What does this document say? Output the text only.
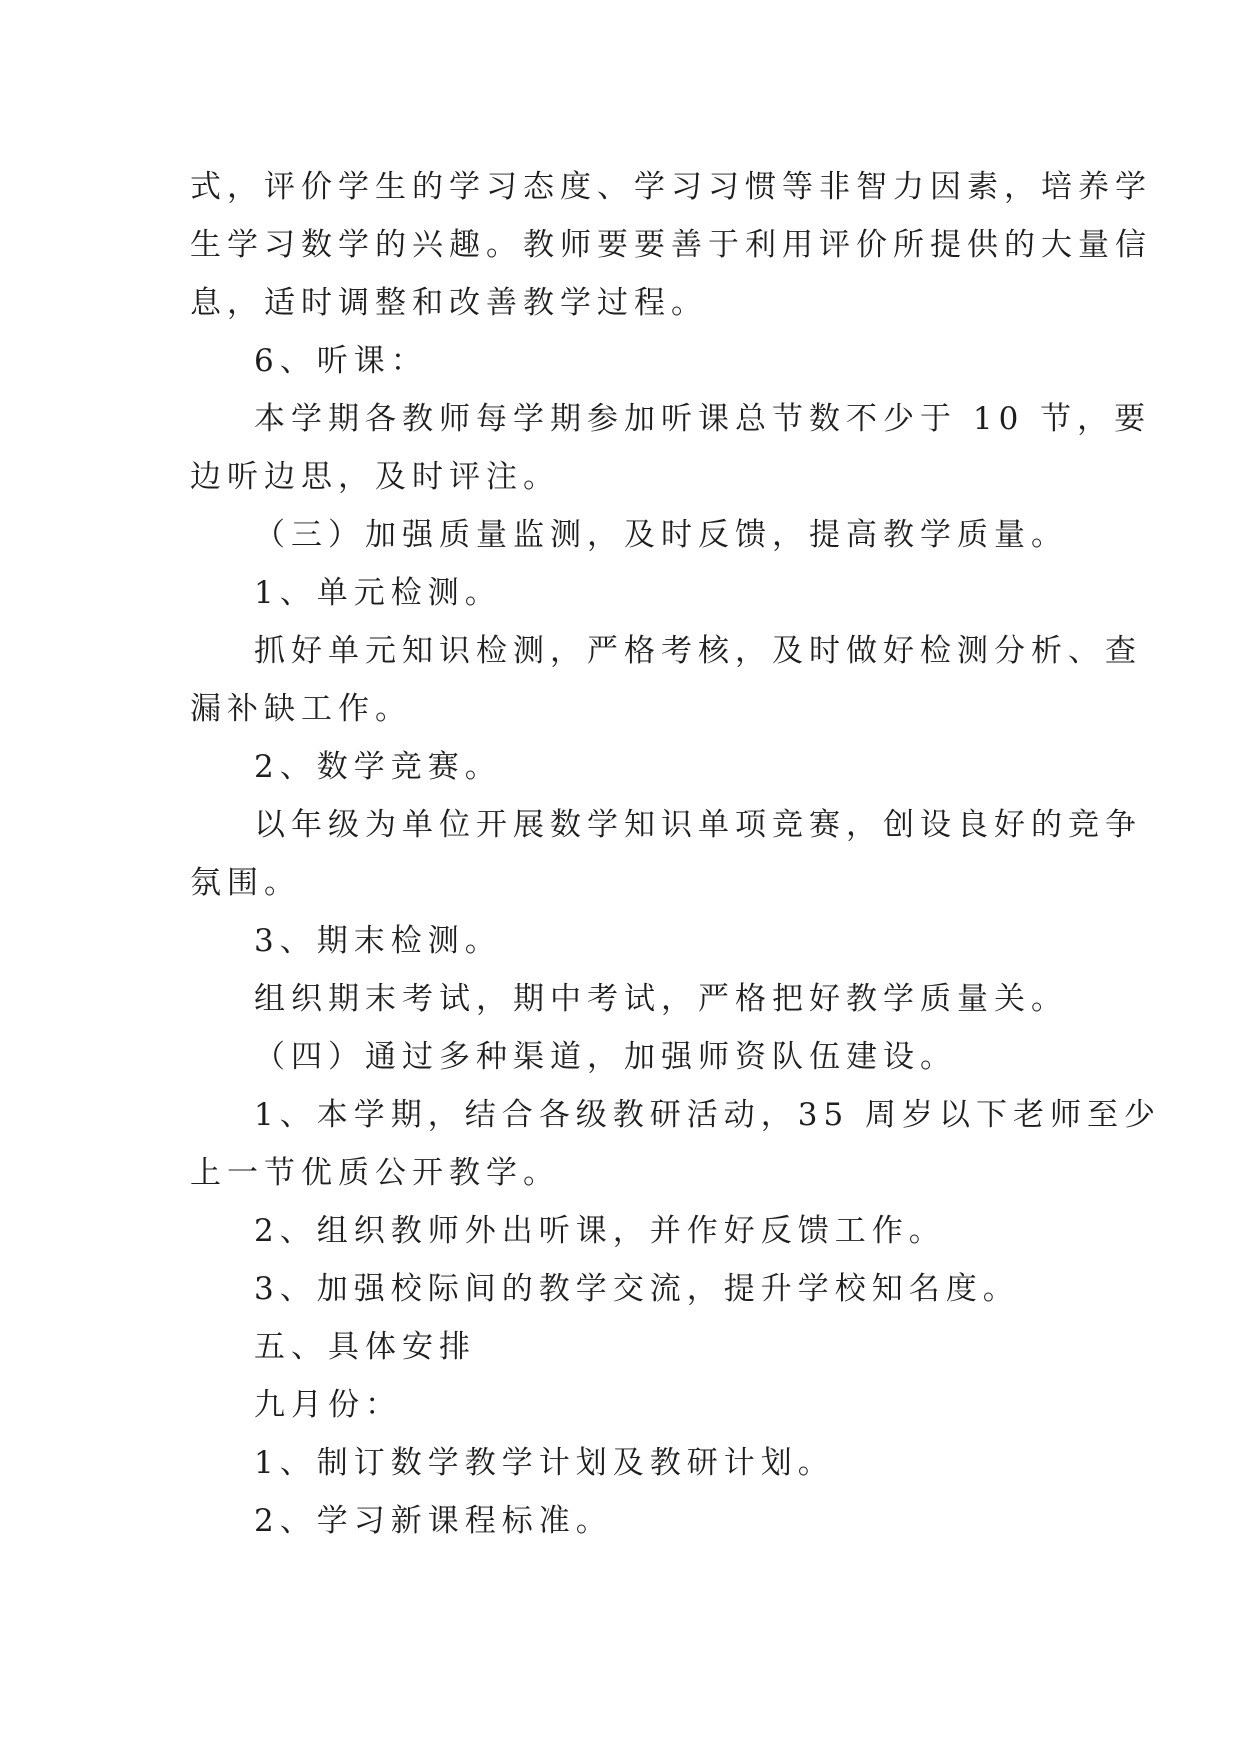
式，评价学生的学习态度、学习习惯等非智力因素，培养学

生学习数学的兴趣。教师要要善于利用评价所提供的大量信

息，适时调整和改善教学过程。

6、听课：

本学期各教师每学期参加听课总节数不少于 10 节，要

边听边思，及时评注。

（三）加强质量监测，及时反馈，提高教学质量。

1、单元检测。

抓好单元知识检测，严格考核，及时做好检测分析、查

漏补缺工作。

2、数学竞赛。

以年级为单位开展数学知识单项竞赛，创设良好的竞争

氛围。

3、期末检测。

组织期末考试，期中考试，严格把好教学质量关。

（四）通过多种渠道，加强师资队伍建设。

1、本学期，结合各级教研活动，35 周岁以下老师至少

上一节优质公开教学。

2、组织教师外出听课，并作好反馈工作。

3、加强校际间的教学交流，提升学校知名度。

五、具体安排

九月份：

1、制订数学教学计划及教研计划。

2、学习新课程标准。
